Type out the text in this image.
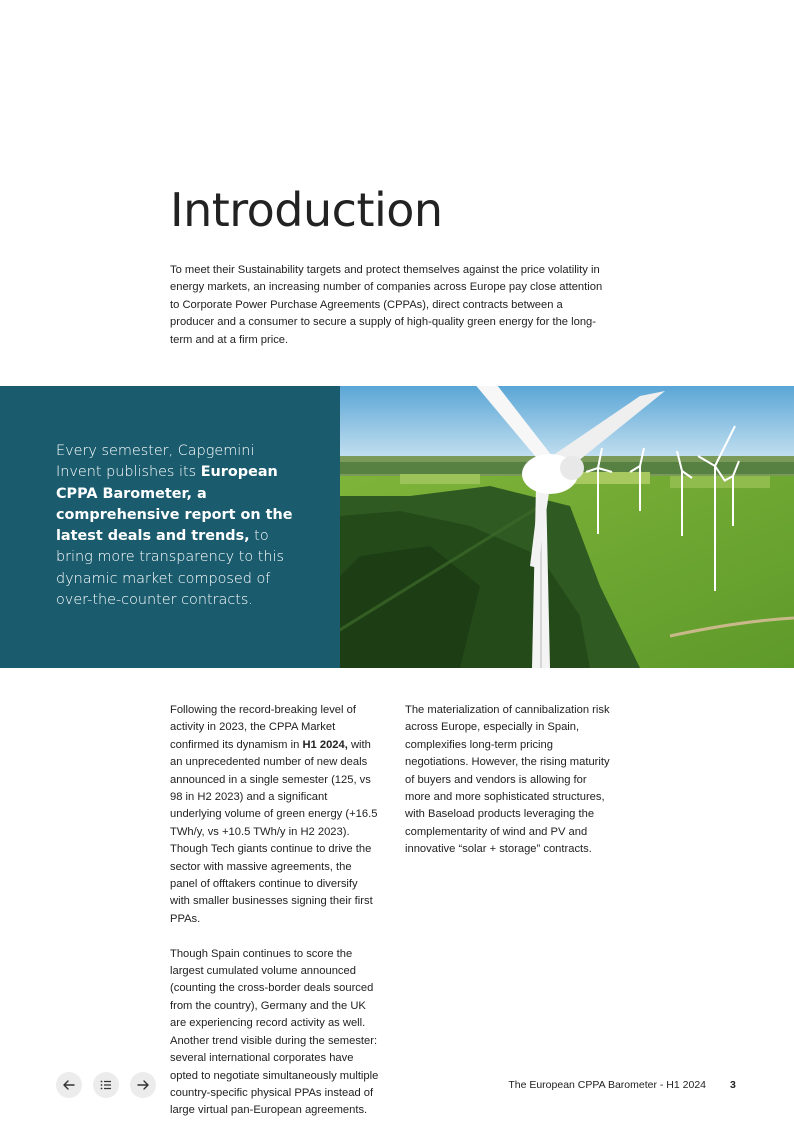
Introduction

To meet their Sustainability targets and protect themselves against the price volatility in energy markets, an increasing number of companies across Europe pay close attention to Corporate Power Purchase Agreements (CPPAs), direct contracts between a producer and a consumer to secure a supply of high-quality green energy for the long-term and at a firm price.

Every semester, Capgemini Invent publishes its European CPPA Barometer, a comprehensive report on the latest deals and trends, to bring more transparency to this dynamic market composed of over-the-counter contracts.

Following the record-breaking level of activity in 2023, the CPPA Market confirmed its dynamism in H1 2024, with an unprecedented number of new deals announced in a single semester (125, vs 98 in H2 2023) and a significant underlying volume of green energy (+16.5 TWh/y, vs +10.5 TWh/y in H2 2023). Though Tech giants continue to drive the sector with massive agreements, the panel of offtakers continue to diversify with smaller businesses signing their first PPAs.

Though Spain continues to score the largest cumulated volume announced (counting the cross-border deals sourced from the country), Germany and the UK are experiencing record activity as well. Another trend visible during the semester: several international corporates have opted to negotiate simultaneously multiple country-specific physical PPAs instead of large virtual pan-European agreements.

The materialization of cannibalization risk across Europe, especially in Spain, complexifies long-term pricing negotiations. However, the rising maturity of buyers and vendors is allowing for more and more sophisticated structures, with Baseload products leveraging the complementarity of wind and PV and innovative “solar + storage” contracts.

The European CPPA Barometer - H1 2024 3
